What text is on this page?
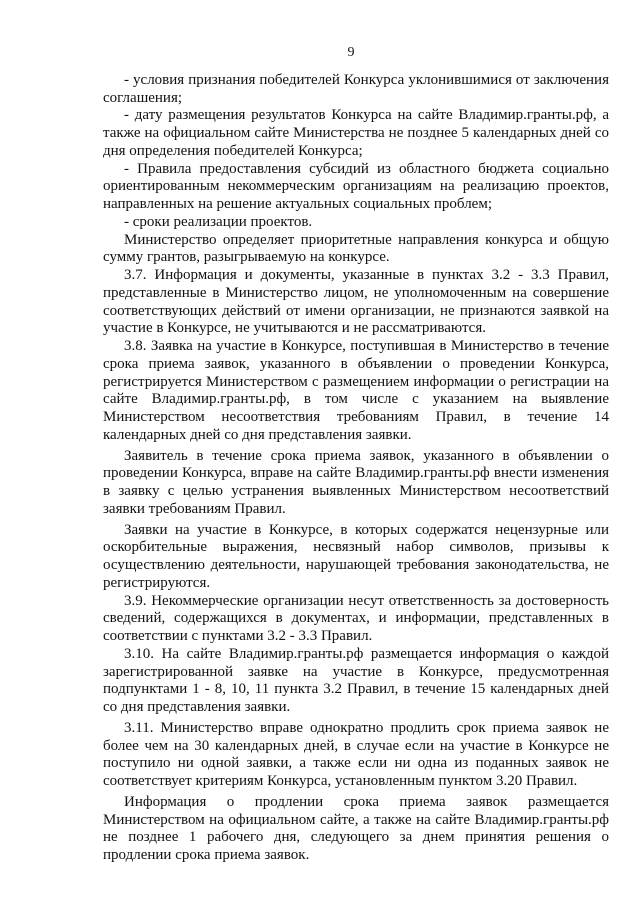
9

- условия признания победителей Конкурса уклонившимися от заключения соглашения;

- дату размещения результатов Конкурса на сайте Владимир.гранты.рф, а также на официальном сайте Министерства не позднее 5 календарных дней со дня определения победителей Конкурса;

- Правила предоставления субсидий из областного бюджета социально ориентированным некоммерческим организациям на реализацию проектов, направленных на решение актуальных социальных проблем;

- сроки реализации проектов.

Министерство определяет приоритетные направления конкурса и общую сумму грантов, разыгрываемую на конкурсе.

3.7. Информация и документы, указанные в пунктах 3.2 - 3.3 Правил, представленные в Министерство лицом, не уполномоченным на совершение соответствующих действий от имени организации, не признаются заявкой на участие в Конкурсе, не учитываются и не рассматриваются.

3.8. Заявка на участие в Конкурсе, поступившая в Министерство в течение срока приема заявок, указанного в объявлении о проведении Конкурса, регистрируется Министерством с размещением информации о регистрации на сайте Владимир.гранты.рф, в том числе с указанием на выявление Министерством несоответствия требованиям Правил, в течение 14 календарных дней со дня представления заявки.

Заявитель в течение срока приема заявок, указанного в объявлении о проведении Конкурса, вправе на сайте Владимир.гранты.рф внести изменения в заявку с целью устранения выявленных Министерством несоответствий заявки требованиям Правил.

Заявки на участие в Конкурсе, в которых содержатся нецензурные или оскорбительные выражения, несвязный набор символов, призывы к осуществлению деятельности, нарушающей требования законодательства, не регистрируются.

3.9. Некоммерческие организации несут ответственность за достоверность сведений, содержащихся в документах, и информации, представленных в соответствии с пунктами 3.2 - 3.3 Правил.

3.10. На сайте Владимир.гранты.рф размещается информация о каждой зарегистрированной заявке на участие в Конкурсе, предусмотренная подпунктами 1 - 8, 10, 11 пункта 3.2 Правил, в течение 15 календарных дней со дня представления заявки.

3.11. Министерство вправе однократно продлить срок приема заявок не более чем на 30 календарных дней, в случае если на участие в Конкурсе не поступило ни одной заявки, а также если ни одна из поданных заявок не соответствует критериям Конкурса, установленным пунктом 3.20 Правил.

Информация о продлении срока приема заявок размещается Министерством на официальном сайте, а также на сайте Владимир.гранты.рф не позднее 1 рабочего дня, следующего за днем принятия решения о продлении срока приема заявок.
